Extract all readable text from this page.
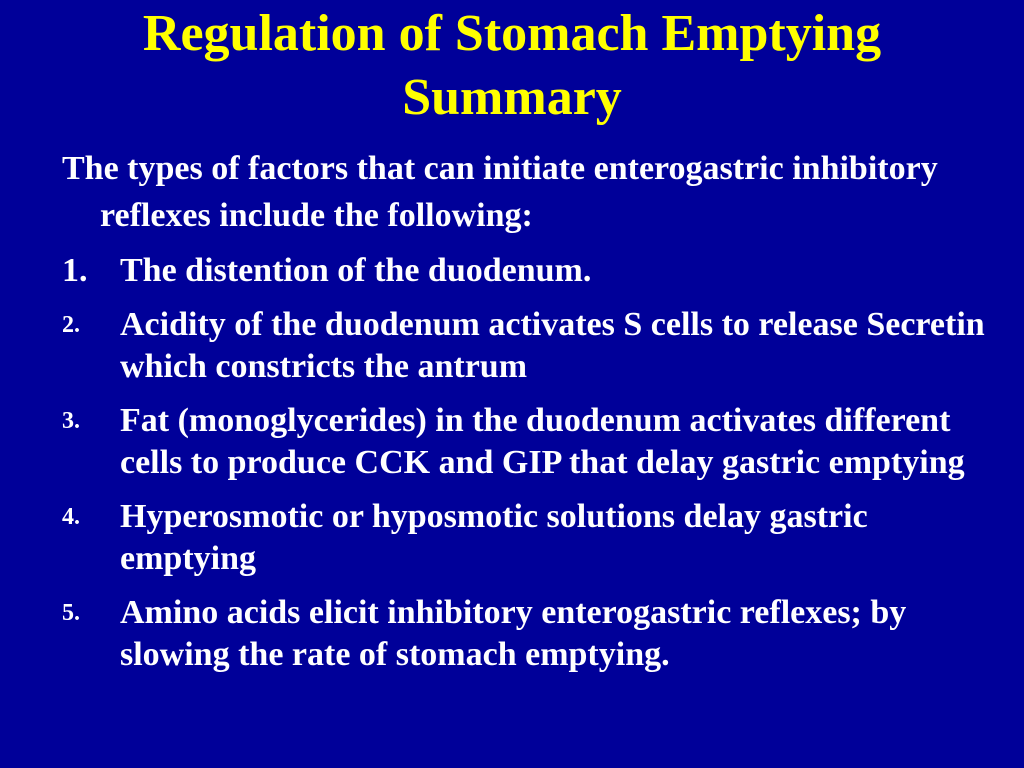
Regulation of Stomach Emptying
Summary
The types of factors that can initiate enterogastric inhibitory reflexes include the following:
1. The distention of the duodenum.
2. Acidity of the duodenum activates S cells to release Secretin which constricts the antrum
3. Fat (monoglycerides) in the duodenum activates different cells to produce CCK and GIP that delay gastric emptying
4. Hyperosmotic or hyposmotic solutions delay gastric emptying
5. Amino acids elicit inhibitory enterogastric reflexes; by slowing the rate of stomach emptying.
